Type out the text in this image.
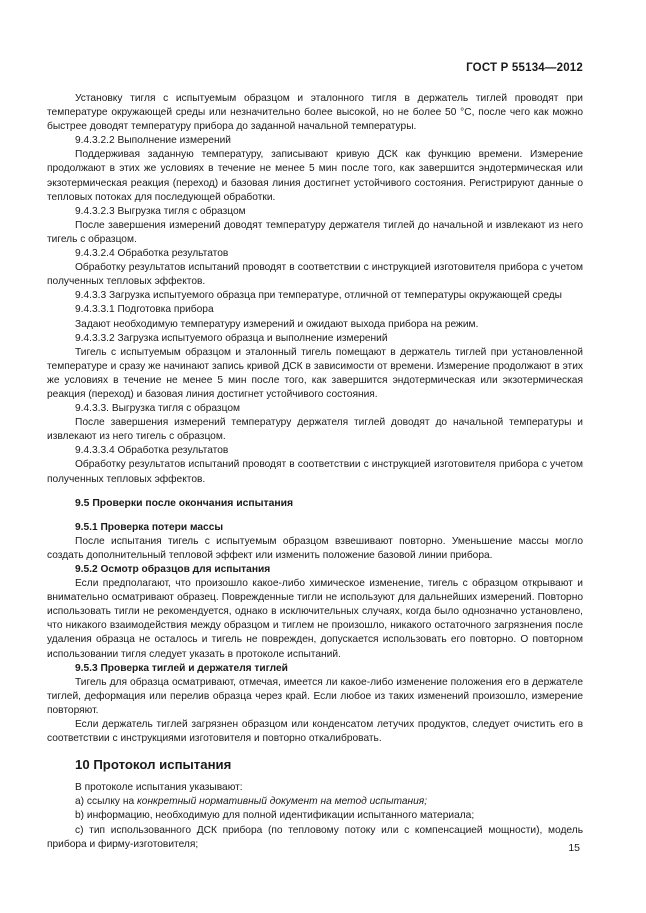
ГОСТ Р 55134—2012

Установку тигля с испытуемым образцом и эталонного тигля в держатель тиглей проводят при температуре окружающей среды или незначительно более высокой, но не более 50 °С, после чего как можно быстрее доводят температуру прибора до заданной начальной температуры.

9.4.3.2.2 Выполнение измерений

Поддерживая заданную температуру, записывают кривую ДСК как функцию времени. Измерение продолжают в этих же условиях в течение не менее 5 мин после того, как завершится эндотермическая или экзотермическая реакция (переход) и базовая линия достигнет устойчивого состояния. Регистрируют данные о тепловых потоках для последующей обработки.

9.4.3.2.3 Выгрузка тигля с образцом

После завершения измерений доводят температуру держателя тиглей до начальной и извлекают из него тигель с образцом.

9.4.3.2.4 Обработка результатов

Обработку результатов испытаний проводят в соответствии с инструкцией изготовителя прибора с учетом полученных тепловых эффектов.

9.4.3.3 Загрузка испытуемого образца при температуре, отличной от температуры окружающей среды

9.4.3.3.1 Подготовка прибора

Задают необходимую температуру измерений и ожидают выхода прибора на режим.

9.4.3.3.2 Загрузка испытуемого образца и выполнение измерений

Тигель с испытуемым образцом и эталонный тигель помещают в держатель тиглей при установленной температуре и сразу же начинают запись кривой ДСК в зависимости от времени. Измерение продолжают в этих же условиях в течение не менее 5 мин после того, как завершится эндотермическая или экзотермическая реакция (переход) и базовая линия достигнет устойчивого состояния.

9.4.3.3. Выгрузка тигля с образцом

После завершения измерений температуру держателя тиглей доводят до начальной температуры и извлекают из него тигель с образцом.

9.4.3.3.4 Обработка результатов

Обработку результатов испытаний проводят в соответствии с инструкцией изготовителя прибора с учетом полученных тепловых эффектов.

9.5 Проверки после окончания испытания

9.5.1 Проверка потери массы

После испытания тигель с испытуемым образцом взвешивают повторно. Уменьшение массы могло создать дополнительный тепловой эффект или изменить положение базовой линии прибора.

9.5.2 Осмотр образцов для испытания

Если предполагают, что произошло какое-либо химическое изменение, тигель с образцом открывают и внимательно осматривают образец. Поврежденные тигли не используют для дальнейших измерений. Повторно использовать тигли не рекомендуется, однако в исключительных случаях, когда было однозначно установлено, что никакого взаимодействия между образцом и тиглем не произошло, никакого остаточного загрязнения после удаления образца не осталось и тигель не поврежден, допускается использовать его повторно. О повторном использовании тигля следует указать в протоколе испытаний.

9.5.3 Проверка тиглей и держателя тиглей

Тигель для образца осматривают, отмечая, имеется ли какое-либо изменение положения его в держателе тиглей, деформация или перелив образца через край. Если любое из таких изменений произошло, измерение повторяют.

Если держатель тиглей загрязнен образцом или конденсатом летучих продуктов, следует очистить его в соответствии с инструкциями изготовителя и повторно откалибровать.

10 Протокол испытания

В протоколе испытания указывают:

а) ссылку на конкретный нормативный документ на метод испытания;

b) информацию, необходимую для полной идентификации испытанного материала;

с) тип использованного ДСК прибора (по тепловому потоку или с компенсацией мощности), модель прибора и фирму-изготовителя;	15
